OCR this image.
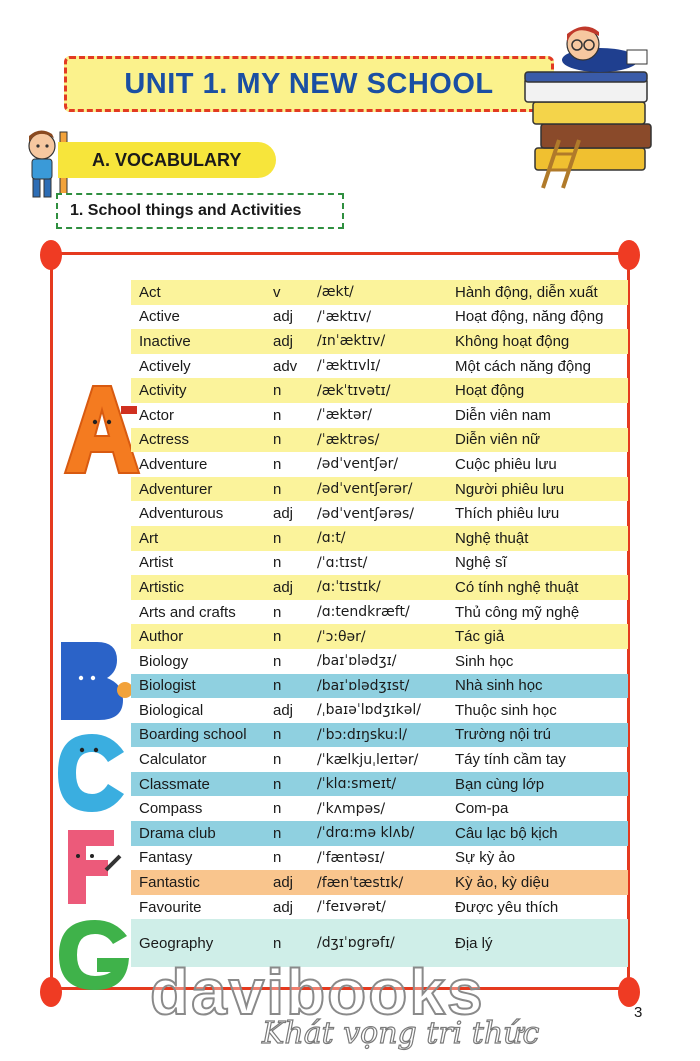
UNIT 1. MY NEW SCHOOL
A. VOCABULARY
1. School things and Activities
Act	v	/ækt/	Hành động, diễn xuất
Active	adj /ˈæktɪv/	Hoạt động, năng động
Inactive	adj /ɪnˈæktɪv/	Không hoạt động
Actively	adv /ˈæktɪvlɪ/	Một cách năng động
Activity	n	/ækˈtɪvətɪ/	Hoạt động
Actor	n	/ˈæktər/	Diễn viên nam
Actress	n	/ˈæktrəs/	Diễn viên nữ
Adventure	n	/ədˈventʃər/	Cuộc phiêu lưu
Adventurer	n	/ədˈventʃərər/	Người phiêu lưu
Adventurous	adj /ədˈventʃərəs/	Thích phiêu lưu
Art	n	/ɑ:t/	Nghệ thuật
Artist	n	/ˈɑ:tɪst/	Nghệ sĩ
Artistic	adj /ɑ:ˈtɪstɪk/	Có tính nghệ thuật
Arts and crafts n	/ɑ:tendkræft/	Thủ công mỹ nghệ
Author	n	/ˈɔ:θər/	Tác giả
Biology	n	/baɪˈɒlədʒɪ/	Sinh học
Biologist	n	/baɪˈɒlədʒɪst/	Nhà sinh học
Biological	adj /ˌbaɪəˈlɒdʒɪkəl/ Thuộc sinh học
Boarding school n	/ˈbɔ:dɪŋsku:l/	Trường nội trú
Calculator	n	/ˈkælkjuˌleɪtər/ Táy tính cầm tay
Classmate	n	/ˈklɑ:smeɪt/	Bạn cùng lớp
Compass	n	/ˈkʌmpəs/	Com-pa
Drama club	n	/ˈdrɑ:mə klʌb/	Câu lạc bộ kịch
Fantasy	n	/ˈfæntəsɪ/	Sự kỳ ảo
Fantastic	adj /fænˈtæstɪk/	Kỳ ảo, kỳ diệu
Favourite	adj /ˈfeɪvərət/	Được yêu thích
Geography	n	/dʒɪˈɒgrəfɪ/	Địa lý
davibooks
Khát vọng tri thức
3
